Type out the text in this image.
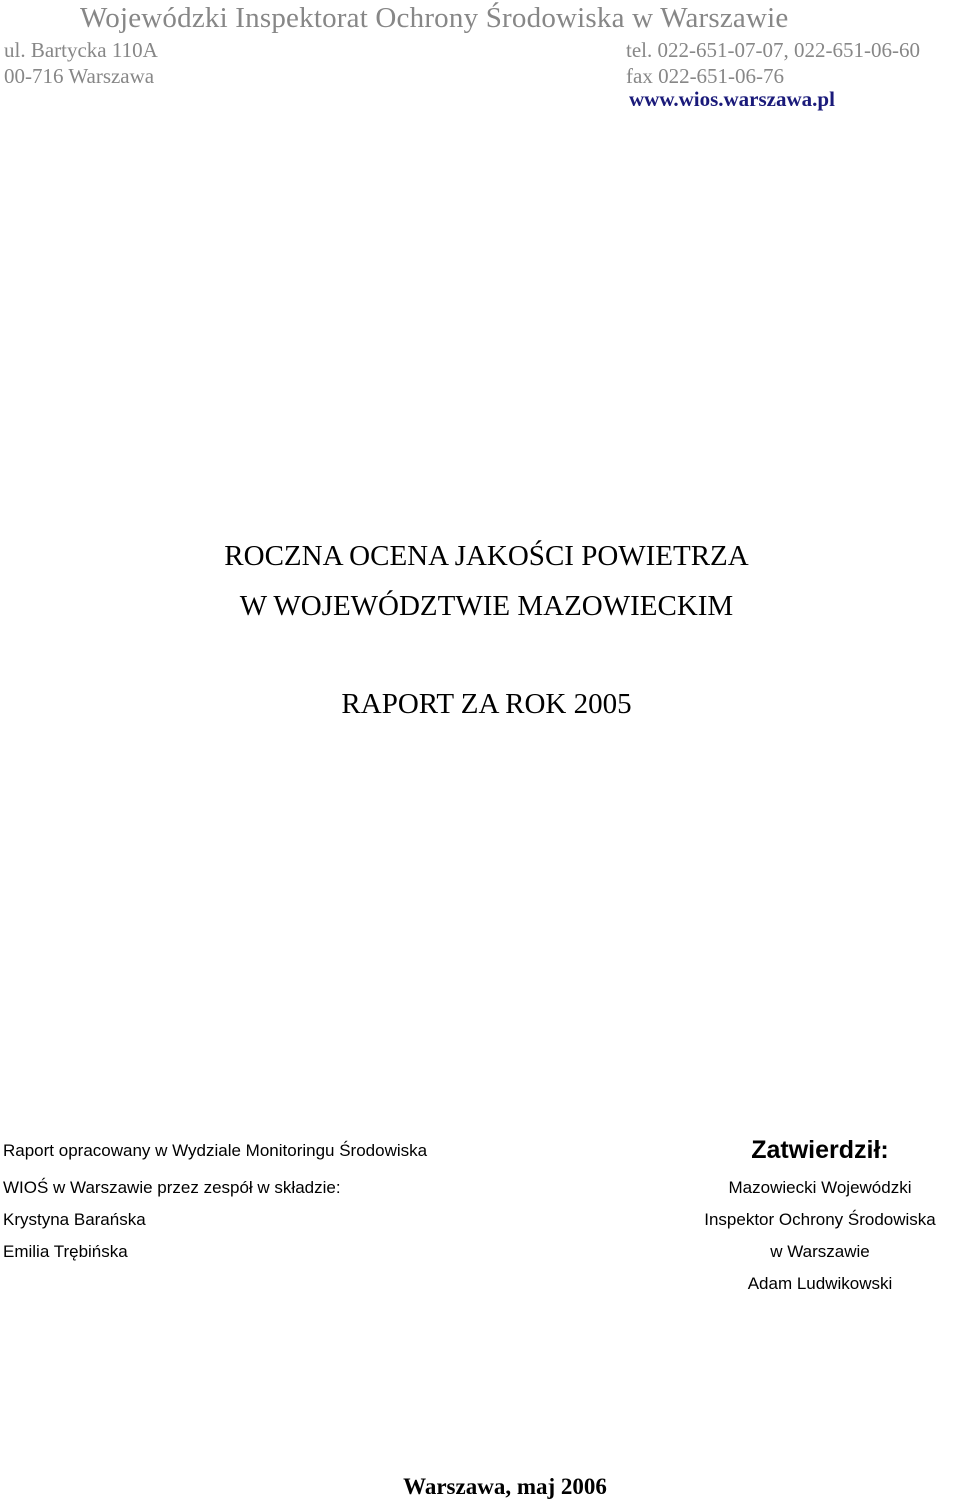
Wojewódzki Inspektorat Ochrony Środowiska w Warszawie
ul. Bartycka 110A
00-716 Warszawa
tel. 022-651-07-07, 022-651-06-60
fax 022-651-06-76
www.wios.warszawa.pl
ROCZNA OCENA JAKOŚCI POWIETRZA
W WOJEWÓDZTWIE MAZOWIECKIM
RAPORT ZA ROK 2005
Raport opracowany w Wydziale Monitoringu Środowiska
WIOŚ w Warszawie przez zespół w składzie:
Krystyna Barańska
Emilia Trębińska
Zatwierdził:
Mazowiecki Wojewódzki
Inspektor Ochrony Środowiska
w Warszawie
Adam Ludwikowski
Warszawa, maj 2006
